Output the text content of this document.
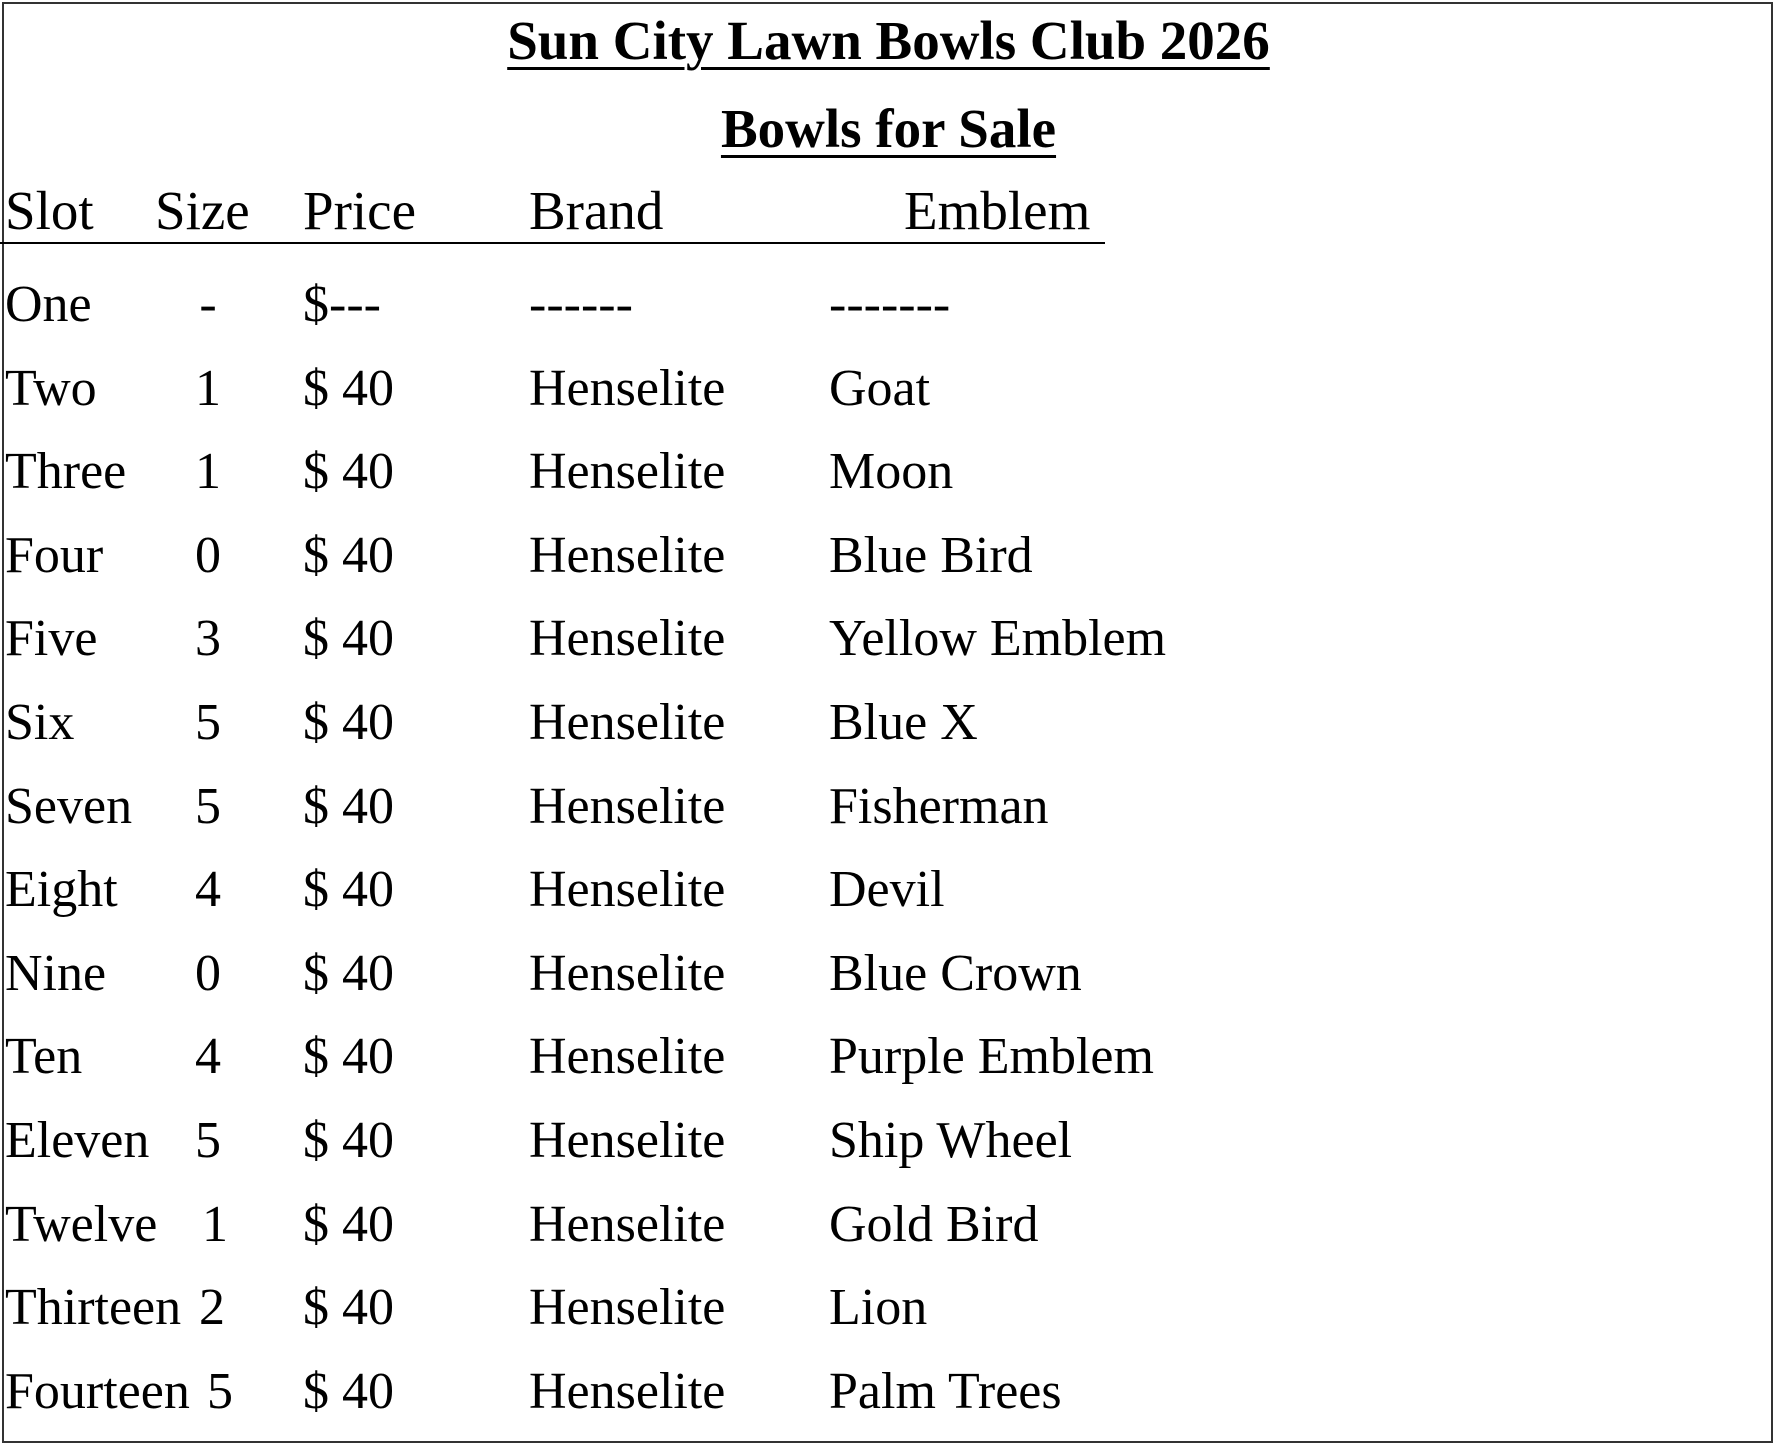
Sun City Lawn Bowls Club 2026
Bowls for Sale
Slot Size Price Brand	Emblem
One - $---	------	-------
Two 1 $ 40	Henselite Goat
Three 1 $ 40	Henselite Moon
Four 0 $ 40	Henselite Blue Bird
Five 3 $ 40	Henselite Yellow Emblem
Six 5 $ 40	Henselite Blue X
Seven 5 $ 40	Henselite Fisherman
Eight 4 $ 40	Henselite Devil
Nine 0 $ 40	Henselite Blue Crown
Ten 4 $ 40	Henselite Purple Emblem
Eleven 5 $ 40	Henselite Ship Wheel
Twelve 1 $ 40	Henselite Gold Bird
Thirteen 2 $ 40	Henselite Lion
Fourteen 5 $ 40	Henselite Palm Trees
